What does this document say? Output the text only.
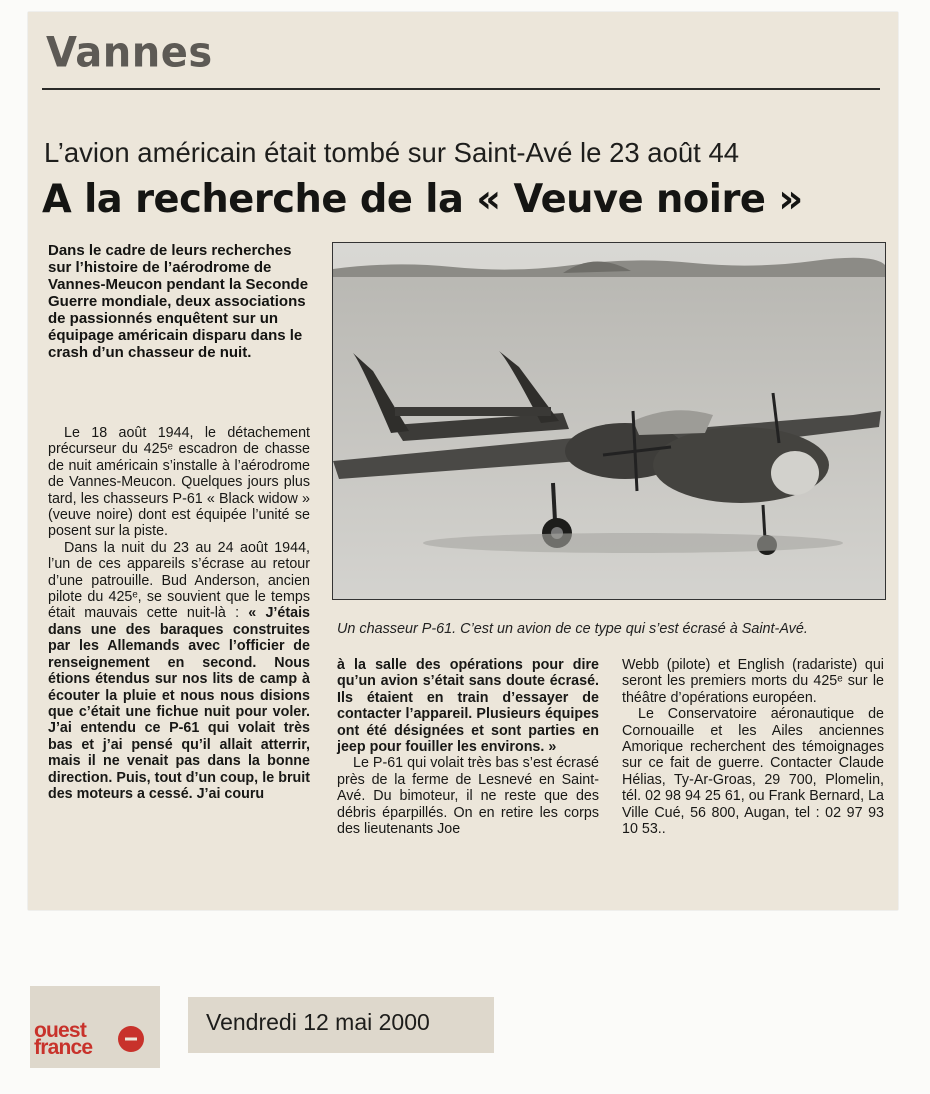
Vannes
L’avion américain était tombé sur Saint-Avé le 23 août 44
A la recherche de la « Veuve noire »

Dans le cadre de leurs recherches sur l’histoire de l’aérodrome de Vannes-Meucon pendant la Seconde Guerre mondiale, deux associations de passionnés enquêtent sur un équipage américain disparu dans le crash d’un chasseur de nuit.

Le 18 août 1944, le détachement précurseur du 425ᵉ escadron de chasse de nuit américain s’installe à l’aérodrome de Vannes-Meucon. Quelques jours plus tard, les chasseurs P-61 « Black widow » (veuve noire) dont est équipée l’unité se posent sur la piste.

Dans la nuit du 23 au 24 août 1944, l’un de ces appareils s’écrase au retour d’une patrouille. Bud Anderson, ancien pilote du 425ᵉ, se souvient que le temps était mauvais cette nuit-là : « J’étais dans une des baraques construites par les Allemands avec l’officier de renseignement en second. Nous étions étendus sur nos lits de camp à écouter la pluie et nous nous disions que c’était une fichue nuit pour voler. J’ai entendu ce P-61 qui volait très bas et j’ai pensé qu’il allait atterrir, mais il ne venait pas dans la bonne direction. Puis, tout d’un coup, le bruit des moteurs a cessé. J’ai couru

Un chasseur P-61. C’est un avion de ce type qui s’est écrasé à Saint-Avé.

à la salle des opérations pour dire qu’un avion s’était sans doute écrasé. Ils étaient en train d’essayer de contacter l’appareil. Plusieurs équipes ont été désignées et sont parties en jeep pour fouiller les environs. »

Le P-61 qui volait très bas s’est écrasé près de la ferme de Lesnevé en Saint-Avé. Du bimoteur, il ne reste que des débris éparpillés. On en retire les corps des lieutenants Joe

Webb (pilote) et English (radariste) qui seront les premiers morts du 425ᵉ sur le théâtre d’opérations européen.

Le Conservatoire aéronautique de Cornouaille et les Ailes anciennes Amorique recherchent des témoignages sur ce fait de guerre. Contacter Claude Hélias, Ty-Ar-Groas, 29 700, Plomelin, tél. 02 98 94 25 61, ou Frank Bernard, La Ville Cué, 56 800, Augan, tel : 02 97 93 10 53..

ouest
france
Vendredi 12 mai 2000
